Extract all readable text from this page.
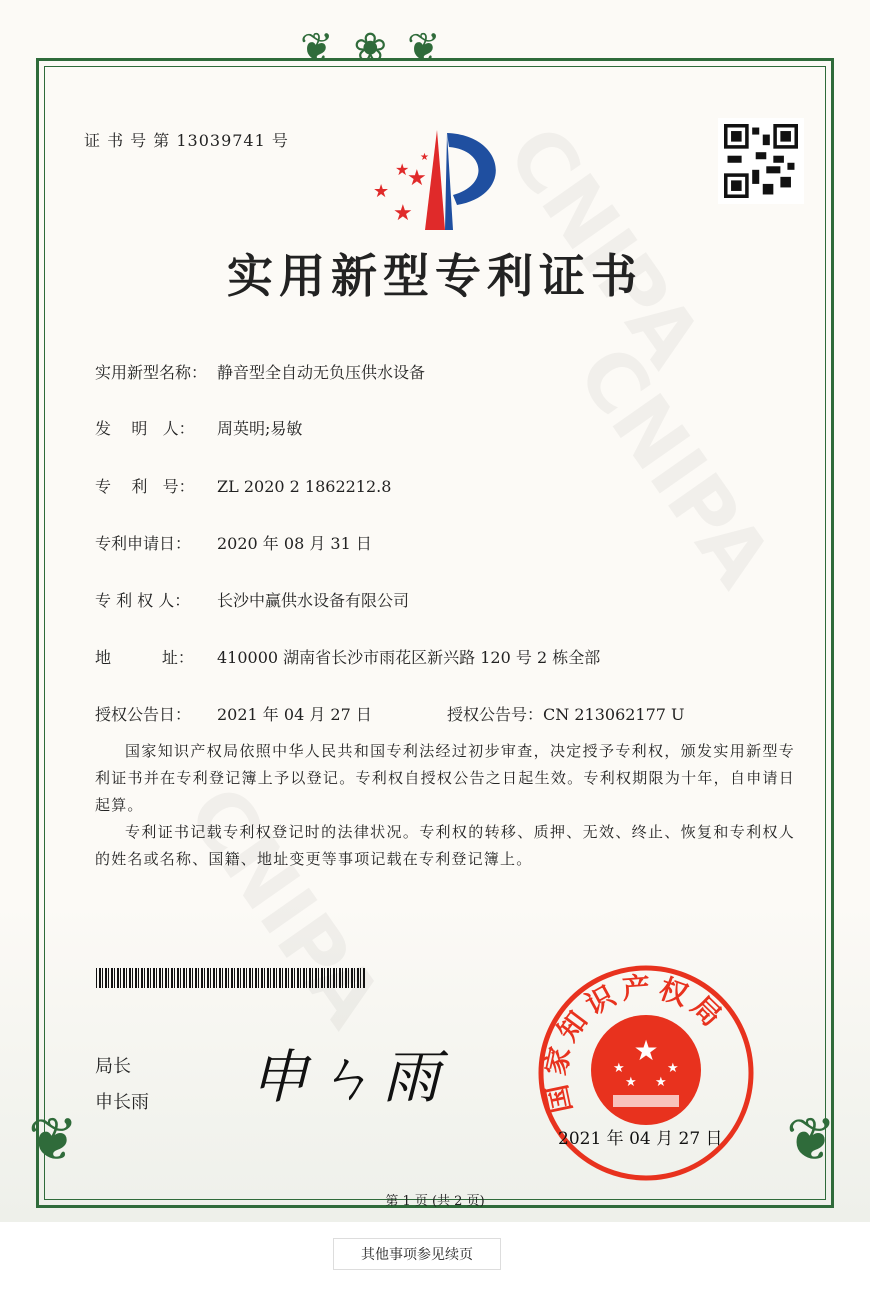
❦❀❦
❦	❦
证 书 号 第 13039741 号
★
★
★
★
★
实用新型专利证书
实用新型名称： 静音型全自动无负压供水设备
发    明   人： 周英明;易敏
专    利   号： ZL 2020 2 1862212.8
专利申请日： 2020 年 08 月 31 日
专 利 权 人： 长沙中赢供水设备有限公司
地          址： 410000 湖南省长沙市雨花区新兴路 120 号 2 栋全部
授权公告日： 2021 年 04 月 27 日	授权公告号：CN 213062177 U

国家知识产权局依照中华人民共和国专利法经过初步审查，决定授予专利权，颁发实用新型专利证书并在专利登记簿上予以登记。专利权自授权公告之日起生效。专利权期限为十年，自申请日起算。

专利证书记载专利权登记时的法律状况。专利权的转移、质押、无效、终止、恢复和专利权人的姓名或名称、国籍、地址变更等事项记载在专利登记簿上。

局长
申长雨 申ㄣ雨	国家知识产权局
★
★	★
★ ★
2021 年 04 月 27 日
第 1 页 (共 2 页)
其他事项参见续页
